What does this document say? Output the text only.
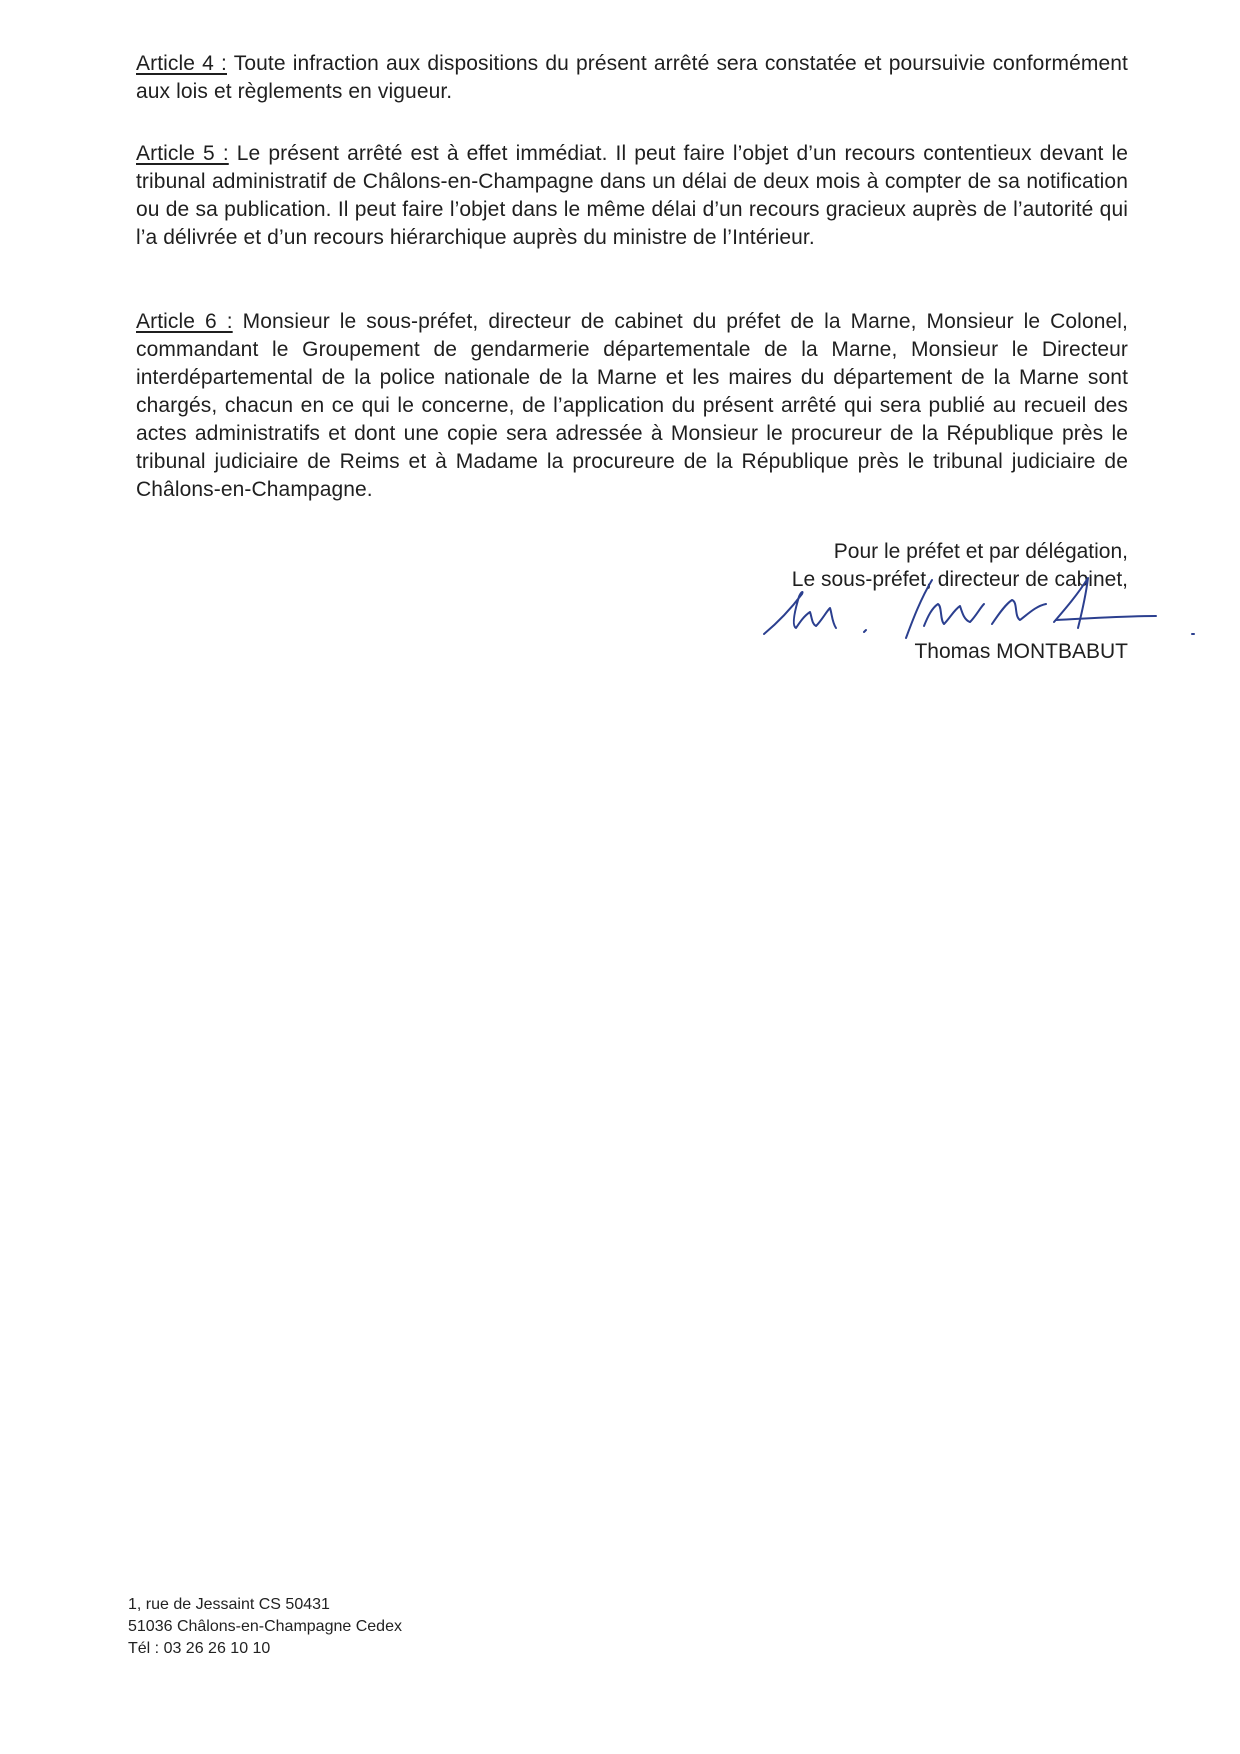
Article 4 : Toute infraction aux dispositions du présent arrêté sera constatée et poursuivie conformément aux lois et règlements en vigueur.

Article 5 : Le présent arrêté est à effet immédiat. Il peut faire l’objet d’un recours contentieux devant le tribunal administratif de Châlons-en-Champagne dans un délai de deux mois à compter de sa notification ou de sa publication. Il peut faire l’objet dans le même délai d’un recours gracieux auprès de l’autorité qui l’a délivrée et d’un recours hiérarchique auprès du ministre de l’Intérieur.

Article 6 : Monsieur le sous-préfet, directeur de cabinet du préfet de la Marne, Monsieur le Colonel, commandant le Groupement de gendarmerie départementale de la Marne, Monsieur le Directeur interdépartemental de la police nationale de la Marne et les maires du département de la Marne sont chargés, chacun en ce qui le concerne, de l’application du présent arrêté qui sera publié au recueil des actes administratifs et dont une copie sera adressée à Monsieur le procureur de la République près le tribunal judiciaire de Reims et à Madame la procureure de la République près le tribunal judiciaire de Châlons-en-Champagne.

Pour le préfet et par délégation,
Le sous-préfet, directeur de cabinet,
Thomas MONTBABUT
1, rue de Jessaint CS 50431
51036 Châlons-en-Champagne Cedex
Tél : 03 26 26 10 10
